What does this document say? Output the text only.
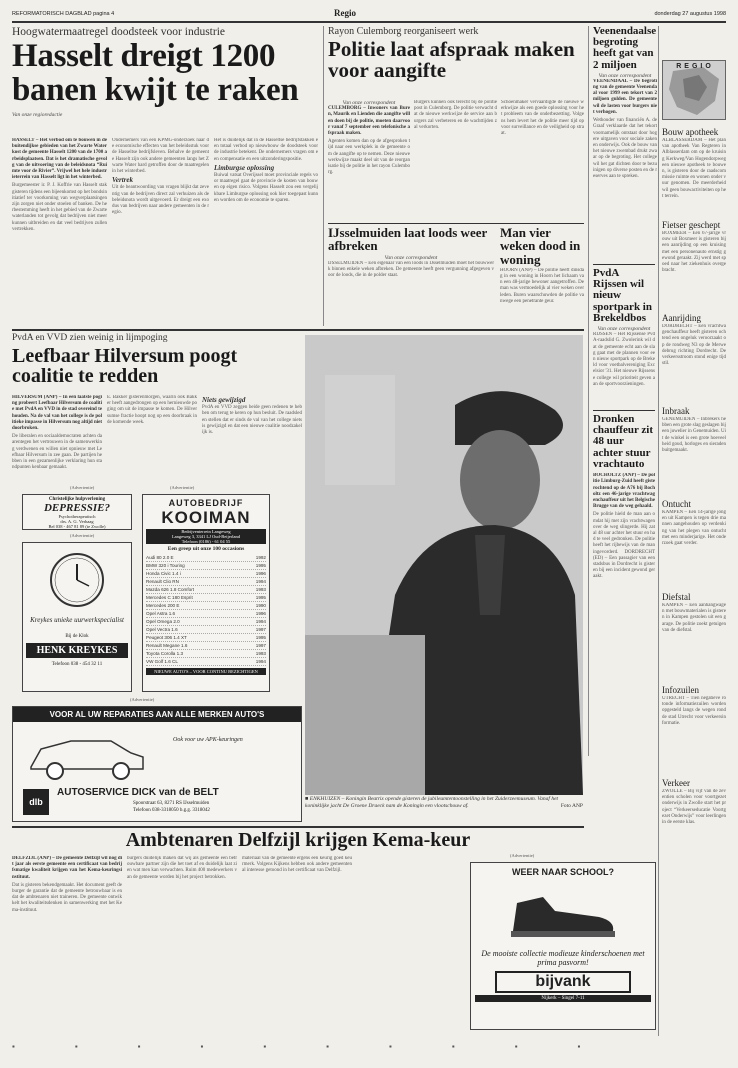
REFORMATORISCH DAGBLAD pagina 4	Regio	donderdag 27 augustus 1998
Hoogwatermaatregel doodsteek voor industrie
Hasselt dreigt 1200 banen kwijt te raken
Van onze regioredactie

HASSELT – Het verbod om te bouwen in de buitendijkse gebieden van het Zwarte Water kost de gemeente Hasselt 1200 van de 1700 arbeidsplaatsen. Dat is het dramatische gevolg van de uitvoering van de beleidsnota “Ruimte voor de Rivier”. Vrijwel het hele industrieterrein van Hasselt ligt in het winterbed.

Burgemeester ir. P. J. Koffrie van Hasselt stak gisteren tijdens een bijeenkomst op het bondsinitiatief ter voorkoming van wegverplaatsingen zijn zorgen niet onder stoelen of banken. De herbestemming heeft in het gebied van de Zwartewaterlanden tot gevolg dat bedrijven niet meer kunnen uitbreiden en dat veel bedrijven zullen vertrekken.

Ondernemers van een KPMG-onderzoek naar de economische effecten van het beleidsstuk voor de Hasseltse bedrijfsleven. Behalve de gemeente Hasselt zijn ook andere gemeenten langs het Zwarte Water hard getroffen door de maatregelen in het winterbed.

Vertrek

Uit de beantwoording van vragen blijkt dat zeventig van de bedrijven direct zal verhuizen als de beleidsnota wordt uitgevoerd. Er dreigt een exodus van bedrijven naar andere gemeenten in de regio.

Het is duidelijk dat in de Hasseltse bedrijfstakken een totaal verbod op nieuwbouw de doodsteek voor de industrie betekent. De ondernemers vragen om een compensatie en een uitzonderingspositie.

Limburgse oplossing

Buiwal vatsat Overijssel moet provinciale regels voor maatregel gaat de provincie de kosten van bouwen op eigen risico. Volgens Hasselt zou een vergelijkbare Limburgse oplossing ook hier toegepast kunnen worden om de economie te sparen.

Rayon Culemborg reorganiseert werk
Politie laat afspraak maken voor aangifte
Van onze correspondent

CULEMBORG – Inwoners van Buren, Maurik en Lienden die aangifte willen doen bij de politie, moeten daarvoor vanaf 7 september een telefonische afspraak maken.

Agenten komen dan op de afgesproken tijd naar een werkplek in de gemeente om de aangifte op te nemen. Deze nieuwe werkwijze maakt deel uit van de reorganisatie bij de politie in het rayon Culemborg.

Burgers kunnen ook terecht bij de politiepost in Culemborg. De politie verwacht dat de nieuwe werkwijze de service aan burgers zal verbeteren en de wachttijden zal verkorten.

Schoenmaker vervaardigde de nieuwe werkwijze als een goede oplossing voor het probleem van de onderbezetting. Volgens hem levert het de politie meer tijd op voor surveillance en de veiligheid op straat.

IJsselmuiden laat loods weer afbreken
Van onze correspondent
IJSSELMUIDEN – Een eigenaar van een loods in IJsselmuiden moet het bouwwerk binnen enkele weken afbreken. De gemeente heeft geen vergunning afgegeven voor de loods, die in de polder staat.
Man vier weken dood in woning
HOORN (ANP) – De politie heeft dinsdag in een woning in Hoorn het lichaam van een 48-jarige bewoner aangetroffen. De man was vermoedelijk al vier weken overleden. Buren waarschuwden de politie vanwege een penetrante geur.
Veenendaalse begroting heeft gat van 2 miljoen
Van onze correspondent

VEENENDAAL – De begroting van de gemeente Veenendaal voor 1999 een tekort van 2 miljoen gulden. De gemeente wil de lasten voor burgers niet verhogen.

Wethouder van financiën A. de Graaf verklaarde dat het tekort voornamelijk ontstaat door hogere uitgaven voor sociale zaken en onderwijs. Ook de bouw van het nieuwe zwembad drukt zwaar op de begroting. Het college wil het gat dichten door te bezuinigen op diverse posten en de reserves aan te spreken.

REGIO
Bouw apotheek
ALBLASSERDAM – Het plan van apotheek Van Regteren in Alblasserdam om op de kruising Kerkweg/Van Hogendorpweg een nieuwe apotheek te bouwen, is gisteren door de raadscommissie ruimte en wonen onder vuur genomen. De meerderheid wil geen bouwactiviteiten op het terrein.
Fietser geschept
BOXMEER – Een 67-jarige vrouw uit Boxmeer is gisteren bij een aanrijding op een kruising met een personenauto ernstig gewond geraakt. Zij werd met spoed naar het ziekenhuis overgebracht.
Aanrijding
DORDRECHT – Een vrachtwagenchauffeur heeft gisteren ochtend een ongeluk veroorzaakt op de rondweg N3 op de Merwedebrug richting Dordrecht. De verkeersstroom stond enige tijd stil.
Inbraak
GENEMUIDEN – Inbrekers hebben een grote slag geslagen bij een juwelier in Genemuiden. Uit de winkel is een grote hoeveelheid goud, horloges en sieraden buitgemaakt.
Ontucht
KAMPEN – Een 14-jarige jongen uit Kampen is tegen drie mannen aangehouden op verdenking van het plegen van ontucht met een minderjarige. Het onderzoek gaat verder.
Diefstal
KAMPEN – Een aanhangwagen met bouwmaterialen is gisteren in Kampen gestolen uit een garage. De politie zoekt getuigen van de diefstal.
Infozuilen
UTRECHT – Tien negatieve rotonde informatiezuilen worden opgesteld langs de wegen rond de stad Utrecht voor verkeersinformatie.
Verkeer
ZWOLLE – Bij vijf van de zeventien scholen voor voortgezet onderwijs in Zwolle start het project “Verkeerseducatie Voortgezet Onderwijs” voor leerlingen in de eerste klas.
PvdA Rijssen wil nieuw sportpark in Brekeldbos
Van onze correspondent
RIJSSEN – Het Rijssense PvdA-raadslid G. Zwolerink wil dat de gemeente echt aan de slag gaat met de plannen voor een nieuw sportpark op de Brekeld voor voetbalvereniging Excelsior '31. Het nieuwe Rijssense college wil prioriteit geven aan de sportvoorzieningen.
Dronken chauffeur zit 48 uur achter stuur vrachtauto

BOCHOLTZ (ANP) – De politie Limburg-Zuid heeft gisterochtend op de A76 bij Bocholtz een 46-jarige vrachtwagenchauffeur uit het Belgische Brugge van de weg gehaald.

De politie hield de man aan omdat hij met zijn vrachtwagen over de weg slingerde. Hij zat al 48 uur achter het stuur en had te veel gedronken. De politie heeft het rijbewijs van de man ingevorderd. DORDRECHT (ED) – Een passagier van een stadsbus in Dordrecht is gisteren bij een incident gewond geraakt.

PvdA en VVD zien weinig in lijmpoging
Leefbaar Hilversum poogt coalitie te redden

HILVERSUM (ANP) – In een laatste poging probeert Leefbaar Hilversum de coalitie met PvdA en VVD in de stad overeind te houden. Na de val van het college is de politieke impasse in Hilversum nog altijd niet doorbroken.

De liberalen en sociaaldemocraten achten daarentegen het vertrouwen in de samenwerking verdwenen en willen niet opnieuw met Leefbaar Hilversum in zee gaan. De partijen hebben in een gezamenlijke verklaring hun standpunten kenbaar gemaakt.

E. Bakker gisterenmorgen, waarin ook Bakker heeft aangedrongen op een hernieuwde poging om uit de impasse te komen. De Hilversumse fractie hoopt nog op een doorbraak in de komende week.

Niets gewijzigd

PvdA en VVD zeggen beide geen redenen te hebben om terug te keren op hun besluit. De raadsleden stellen dat er sinds de val van het college niets is gewijzigd en dat een nieuwe coalitie noodzakelijk is.

■ ENKHUIZEN – Koningin Beatrix opende gisteren de jubileumtentoonstelling in het Zuiderzeemuseum. Vanaf het koninklijke jacht De Groene Draeck nam de Koningin een vlootschouw af.	Foto ANP
(Advertentie)
Christelijke hulpverlening
DEPRESSIE?
Psychotherapeutisch
drs. A. G. Verhaag
Bel 038 - 467 81 89 (te Zwolle)
(Advertentie)
Kreykes unieke uurwerkspecialist
Bij de Klok
HENK KREYKES
Telefoon 038 - 454 32 11
(Advertentie)
AUTOBEDRIJF
KOOIMAN
Bedrijventerrein Langeweg
Langeweg 3, 3341 LJ Oud-Beijerland
Telefoon (0186) - 61 04 55
Een greep uit onze 100 occasions
Audi 80 2.0 E	1992
BMW 320 i Touring	1995
Honda Civic 1.4 i	1996
Renault Clio RN	1994
Mazda 626 1.8 Comfort	1993
Mercedes C 180 Esprit	1995
Mercedes 200 E	1990
Opel Astra 1.6	1996
Opel Omega 2.0	1994
Opel Vectra 1.6	1997
Peugeot 306 1.4 XT	1995
Renault Megane 1.6	1997
Toyota Corolla 1.3	1993
VW Golf 1.6 CL	1994
NIEUWE AUTO'S – VOOR CONTINU BEZICHTIGEN
(Advertentie)
VOOR AL UW REPARATIES AAN ALLE MERKEN AUTO'S
Ook voor uw APK-keuringen
dlb
AUTOSERVICE DICK van de BELT
Spoorstraat 63, 8271 RS IJsselmuiden
Telefoon 038-3318050 b.g.g. 3318042
Ambtenaren Delfzijl krijgen Kema-keur

DELFZIJL (ANP) – De gemeente Delfzijl wil nog dit jaar als eerste gemeente een certificaat van bedrijfsmatige kwaliteit krijgen van het Kema-keuringsinstituut.

Dat is gisteren bekendgemaakt. Het document geeft de burger de garantie dat de gemeente betrouwbaar is en dat de ambtenaren niet traineren. De gemeente ontwikkelt het kwaliteitsdenken in samenwerking met het Kema-instituut.

burgers duidelijk maken dat wij als gemeente een betrouwbare partner zijn die het toet af en duidelijk laat zien wat men kan verwachten. Ruim 400 medewerkers van de gemeente worden bij het project betrokken.

materiaal van de gemeente ergens een keurig goed keurmerk. Volgens Kijkens hebben ook andere gemeenten al interesse getoond in het certificaat van Delfzijl.

(Advertentie)
WEER NAAR SCHOOL?
De mooiste collectie modieuze kinderschoenen met prima pasvorm!
bijvank
Nijkerk – Singel 7-11
▪▪▪▪▪▪▪▪▪▪
